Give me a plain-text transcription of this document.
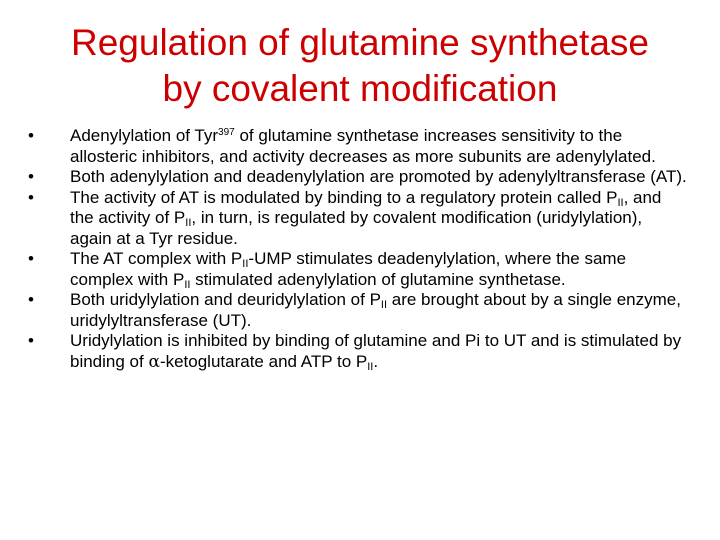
Regulation of glutamine synthetase
by covalent modification
•	Adenylylation of Tyr$^{397}$ of glutamine synthetase increases sensitivity to the allosteric inhibitors, and activity decreases as more subunits are adenylylated.
•	Both adenylylation and deadenylylation are promoted by adenylyltransferase (AT).
•	The activity of AT is modulated by binding to a regulatory protein called $P_{II}$, and the activity of $P_{II}$, in turn, is regulated by covalent modification (uridylylation), again at a Tyr residue.
•	The AT complex with $P_{II}$-UMP stimulates deadenylylation, where the same complex with $P_{II}$ stimulated adenylylation of glutamine synthetase.
•	Both uridylylation and deuridylylation of $P_{II}$ are brought about by a single enzyme, uridylyltransferase (UT).
•	Uridylylation is inhibited by binding of glutamine and Pi to UT and is stimulated by binding of α-ketoglutarate and ATP to $P_{II}$.
